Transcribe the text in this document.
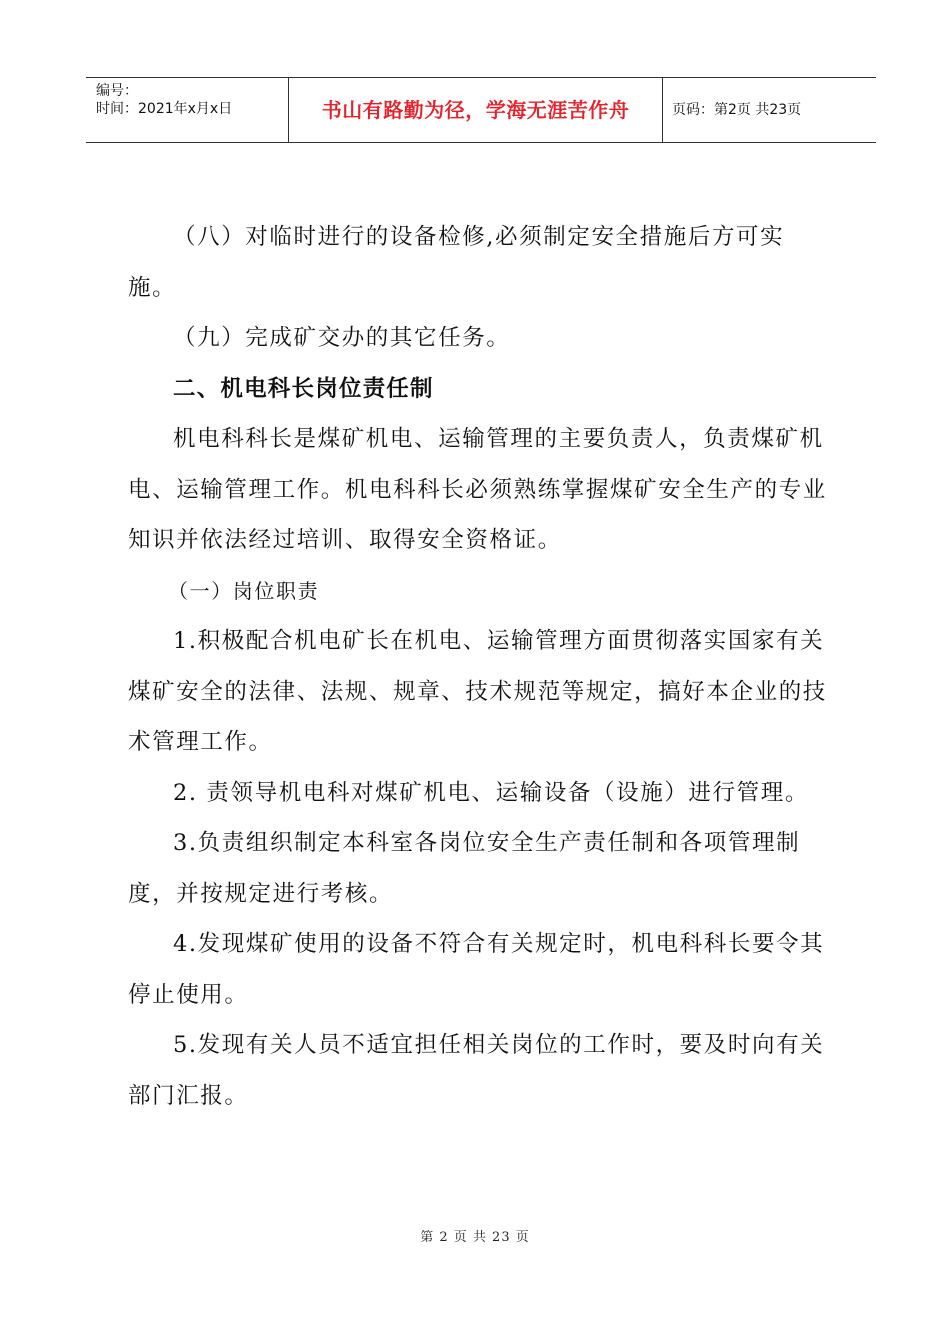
编号：
时间：2021年x月x日	书山有路勤为径，学海无涯苦作舟	页码：第2页 共23页

（八）对临时进行的设备检修,必须制定安全措施后方可实施。

（九）完成矿交办的其它任务。

二、机电科长岗位责任制

机电科科长是煤矿机电、运输管理的主要负责人，负责煤矿机电、运输管理工作。机电科科长必须熟练掌握煤矿安全生产的专业知识并依法经过培训、取得安全资格证。

（一）岗位职责

1.积极配合机电矿长在机电、运输管理方面贯彻落实国家有关煤矿安全的法律、法规、规章、技术规范等规定，搞好本企业的技术管理工作。

2. 责领导机电科对煤矿机电、运输设备（设施）进行管理。

3.负责组织制定本科室各岗位安全生产责任制和各项管理制度，并按规定进行考核。

4.发现煤矿使用的设备不符合有关规定时，机电科科长要令其停止使用。

5.发现有关人员不适宜担任相关岗位的工作时，要及时向有关部门汇报。

第 2 页 共 23 页
